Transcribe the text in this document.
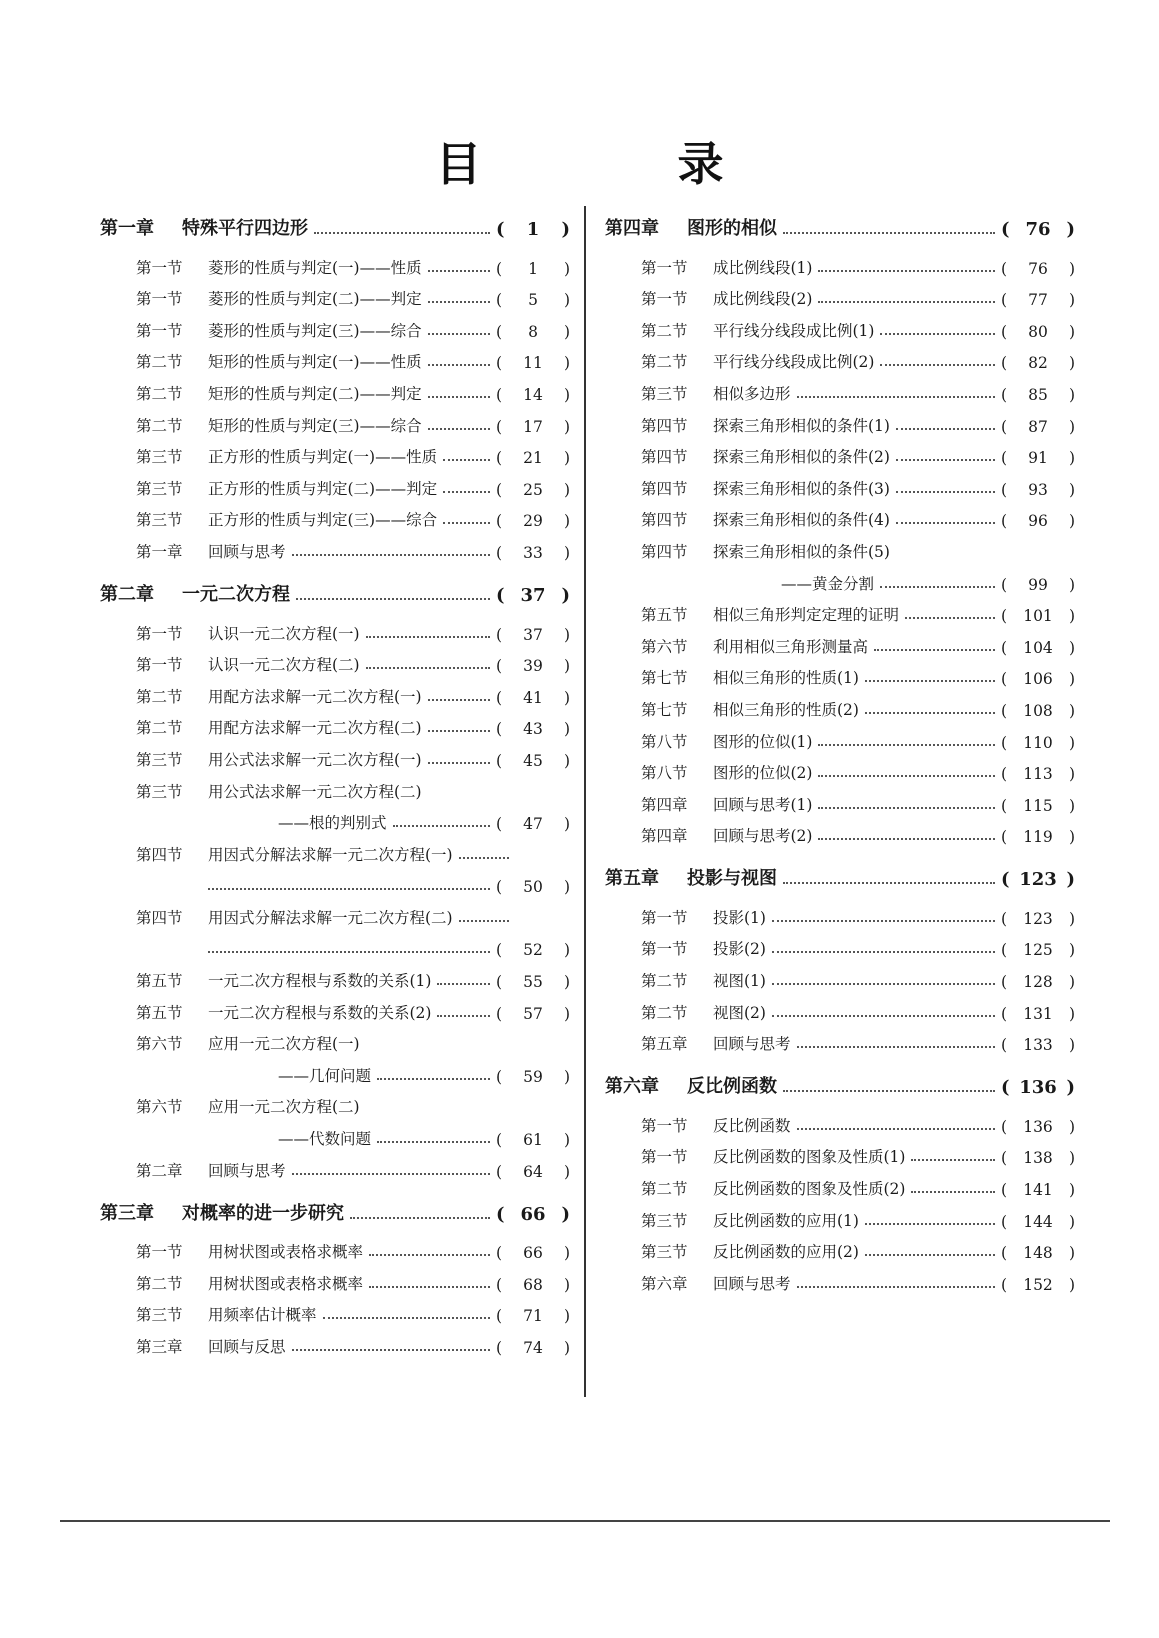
目 录
第一章	特殊平行四边形	(	1	)
第一节	菱形的性质与判定(一)——性质	(	1	)
第一节	菱形的性质与判定(二)——判定	(	5	)
第一节	菱形的性质与判定(三)——综合	(	8	)
第二节	矩形的性质与判定(一)——性质	(	11	)
第二节	矩形的性质与判定(二)——判定	(	14	)
第二节	矩形的性质与判定(三)——综合	(	17	)
第三节	正方形的性质与判定(一)——性质	(	21	)
第三节	正方形的性质与判定(二)——判定	(	25	)
第三节	正方形的性质与判定(三)——综合	(	29	)
第一章	回顾与思考	(	33	)
第二章	一元二次方程	( 37 )
第一节	认识一元二次方程(一)	(	37	)
第一节	认识一元二次方程(二)	(	39	)
第二节	用配方法求解一元二次方程(一)	(	41	)
第二节	用配方法求解一元二次方程(二)	(	43	)
第三节	用公式法求解一元二次方程(一)	(	45	)
第三节	用公式法求解一元二次方程(二)
——根的判别式	(	47	)
第四节	用因式分解法求解一元二次方程(一)
(	50	)
第四节	用因式分解法求解一元二次方程(二)
(	52	)
第五节	一元二次方程根与系数的关系(1)	(	55	)
第五节	一元二次方程根与系数的关系(2)	(	57	)
第六节	应用一元二次方程(一)
——几何问题	(	59	)
第六节	应用一元二次方程(二)
——代数问题	(	61	)
第二章	回顾与思考	(	64	)
第三章	对概率的进一步研究	( 66 )
第一节	用树状图或表格求概率	(	66	)
第二节	用树状图或表格求概率	(	68	)
第三节	用频率估计概率	(	71	)
第三章	回顾与反思	(	74	)
第四章	图形的相似	( 76 )
第一节	成比例线段(1)	(	76	)
第一节	成比例线段(2)	(	77	)
第二节	平行线分线段成比例(1)	(	80	)
第二节	平行线分线段成比例(2)	(	82	)
第三节	相似多边形	(	85	)
第四节	探索三角形相似的条件(1)	(	87	)
第四节	探索三角形相似的条件(2)	(	91	)
第四节	探索三角形相似的条件(3)	(	93	)
第四节	探索三角形相似的条件(4)	(	96	)
第四节	探索三角形相似的条件(5)
——黄金分割	(	99	)
第五节	相似三角形判定定理的证明	(	101	)
第六节	利用相似三角形测量高	(	104	)
第七节	相似三角形的性质(1)	(	106	)
第七节	相似三角形的性质(2)	(	108	)
第八节	图形的位似(1)	(	110	)
第八节	图形的位似(2)	(	113	)
第四章	回顾与思考(1)	(	115	)
第四章	回顾与思考(2)	(	119	)
第五章	投影与视图	( 123 )
第一节	投影(1)	(	123	)
第一节	投影(2)	(	125	)
第二节	视图(1)	(	128	)
第二节	视图(2)	(	131	)
第五章	回顾与思考	(	133	)
第六章	反比例函数	( 136 )
第一节	反比例函数	(	136	)
第一节	反比例函数的图象及性质(1)	(	138	)
第二节	反比例函数的图象及性质(2)	(	141	)
第三节	反比例函数的应用(1)	(	144	)
第三节	反比例函数的应用(2)	(	148	)
第六章	回顾与思考	(	152	)
